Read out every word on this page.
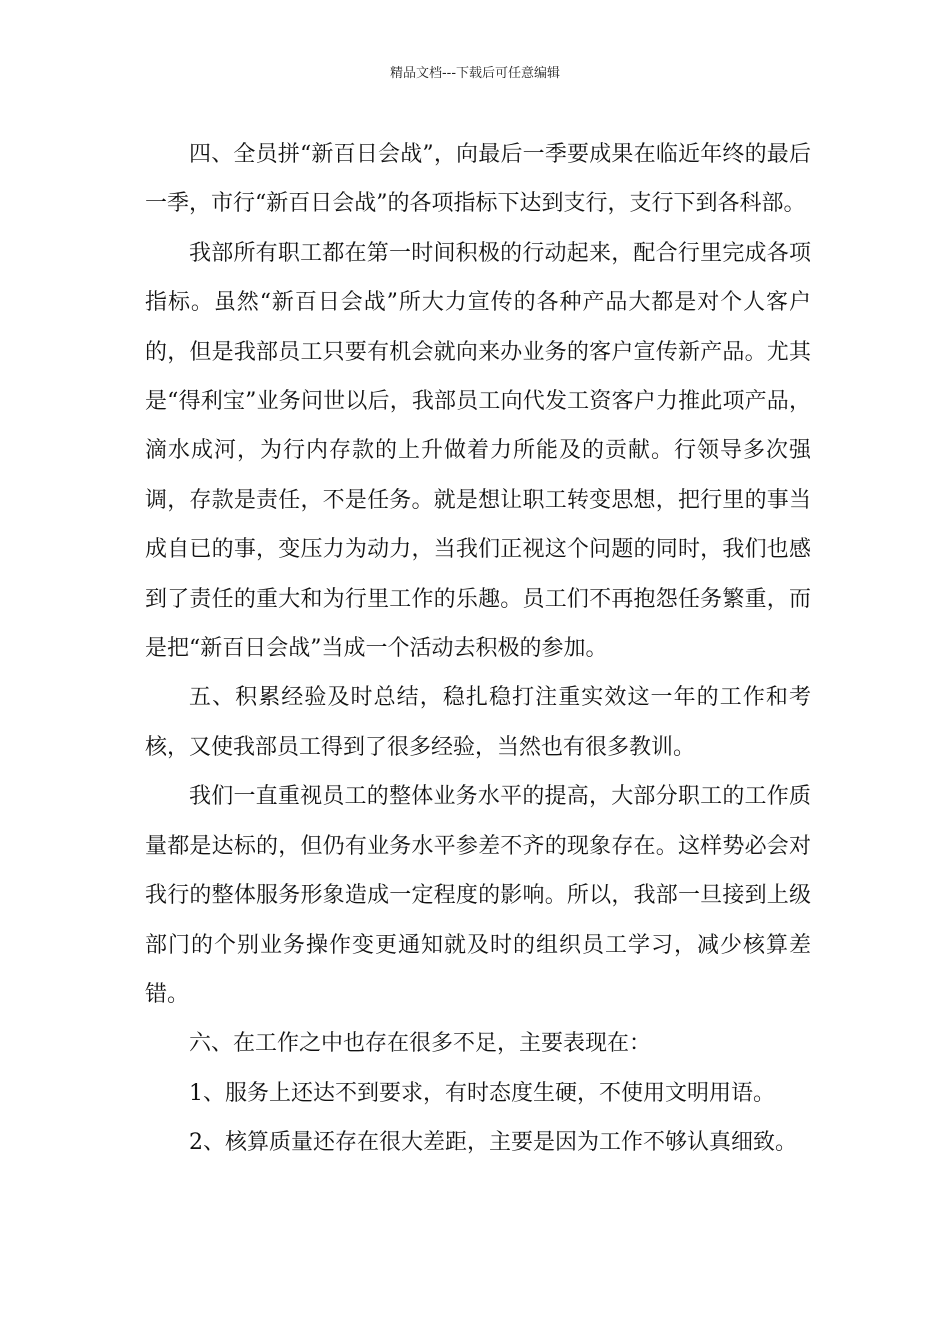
精品文档---下载后可任意编辑

四、全员拼“新百日会战”，向最后一季要成果在临近年终的最后一季，市行“新百日会战”的各项指标下达到支行，支行下到各科部。

我部所有职工都在第一时间积极的行动起来，配合行里完成各项指标。虽然“新百日会战”所大力宣传的各种产品大都是对个人客户的，但是我部员工只要有机会就向来办业务的客户宣传新产品。尤其是“得利宝”业务问世以后，我部员工向代发工资客户力推此项产品，滴水成河，为行内存款的上升做着力所能及的贡献。行领导多次强调，存款是责任，不是任务。就是想让职工转变思想，把行里的事当成自已的事，变压力为动力，当我们正视这个问题的同时，我们也感到了责任的重大和为行里工作的乐趣。员工们不再抱怨任务繁重，而是把“新百日会战”当成一个活动去积极的参加。

五、积累经验及时总结，稳扎稳打注重实效这一年的工作和考核，又使我部员工得到了很多经验，当然也有很多教训。

我们一直重视员工的整体业务水平的提高，大部分职工的工作质量都是达标的，但仍有业务水平参差不齐的现象存在。这样势必会对我行的整体服务形象造成一定程度的影响。所以，我部一旦接到上级部门的个别业务操作变更通知就及时的组织员工学习，减少核算差错。

六、在工作之中也存在很多不足，主要表现在：

1、服务上还达不到要求，有时态度生硬，不使用文明用语。

2、核算质量还存在很大差距，主要是因为工作不够认真细致。
